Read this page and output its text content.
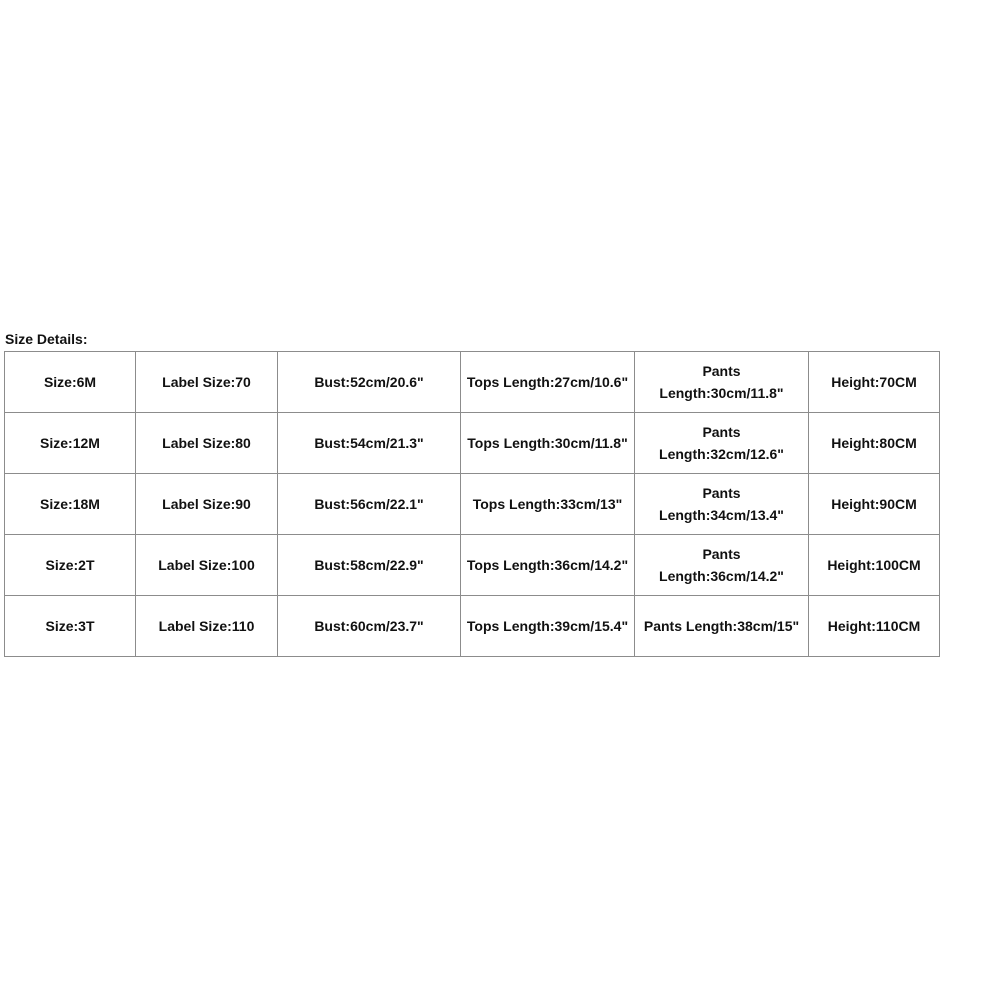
Size Details:
Size:6M	Label Size:70	Bust:52cm/20.6"	Tops Length:27cm/10.6"	Pants Length:30cm/11.8"	Height:70CM
Size:12M	Label Size:80	Bust:54cm/21.3"	Tops Length:30cm/11.8"	Pants Length:32cm/12.6"	Height:80CM
Size:18M	Label Size:90	Bust:56cm/22.1"	Tops Length:33cm/13"	Pants Length:34cm/13.4"	Height:90CM
Size:2T	Label Size:100	Bust:58cm/22.9"	Tops Length:36cm/14.2"	Pants Length:36cm/14.2"	Height:100CM
Size:3T	Label Size:110	Bust:60cm/23.7"	Tops Length:39cm/15.4"	Pants Length:38cm/15"	Height:110CM
